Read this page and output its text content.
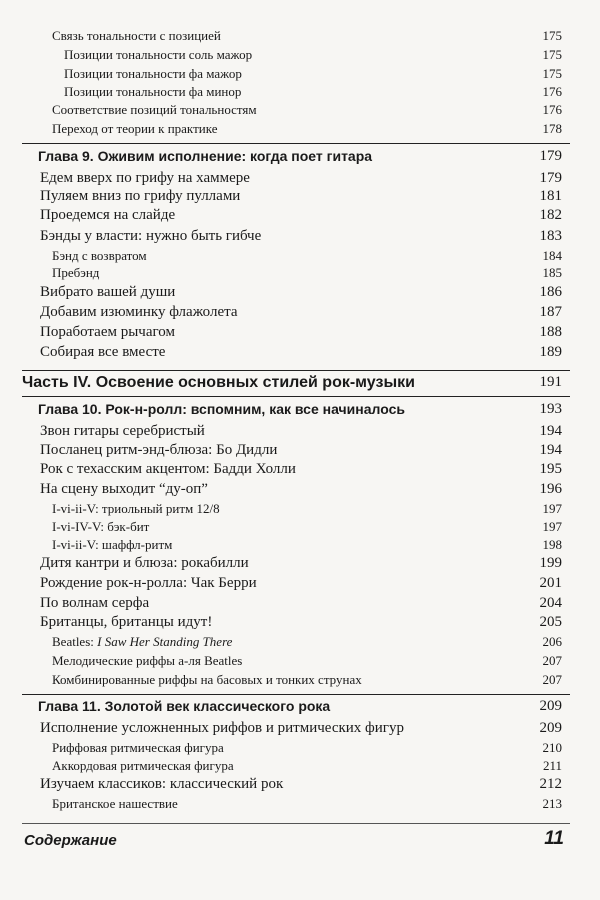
Связь тональности с позицией	175
Позиции тональности соль мажор	175
Позиции тональности фа мажор	175
Позиции тональности фа минор	176
Соответствие позиций тональностям	176
Переход от теории к практике	178
Глава 9. Оживим исполнение: когда поет гитара	179
Едем вверх по грифу на хаммере	179
Пуляем вниз по грифу пуллами	181
Проедемся на слайде	182
Бэнды у власти: нужно быть гибче	183
Бэнд с возвратом	184
Пребэнд	185
Вибрато вашей души	186
Добавим изюминку флажолета	187
Поработаем рычагом	188
Собирая все вместе	189
Часть IV. Освоение основных стилей рок-музыки	191
Глава 10. Рок-н-ролл: вспомним, как все начиналось	193
Звон гитары серебристый	194
Посланец ритм-энд-блюза: Бо Дидли	194
Рок с техасским акцентом: Бадди Холли	195
На сцену выходит “ду-оп”	196
I-vi-ii-V: триольный ритм 12/8	197
I-vi-IV-V: бэк-бит	197
I-vi-ii-V: шаффл-ритм	198
Дитя кантри и блюза: рокабилли	199
Рождение рок-н-ролла: Чак Берри	201
По волнам серфа	204
Британцы, британцы идут!	205
Beatles: I Saw Her Standing There	206
Мелодические риффы а-ля Beatles	207
Комбинированные риффы на басовых и тонких струнах	207
Глава 11. Золотой век классического рока	209
Исполнение усложненных риффов и ритмических фигур	209
Риффовая ритмическая фигура	210
Аккордовая ритмическая фигура	211
Изучаем классиков: классический рок	212
Британское нашествие	213
Содержание	11
